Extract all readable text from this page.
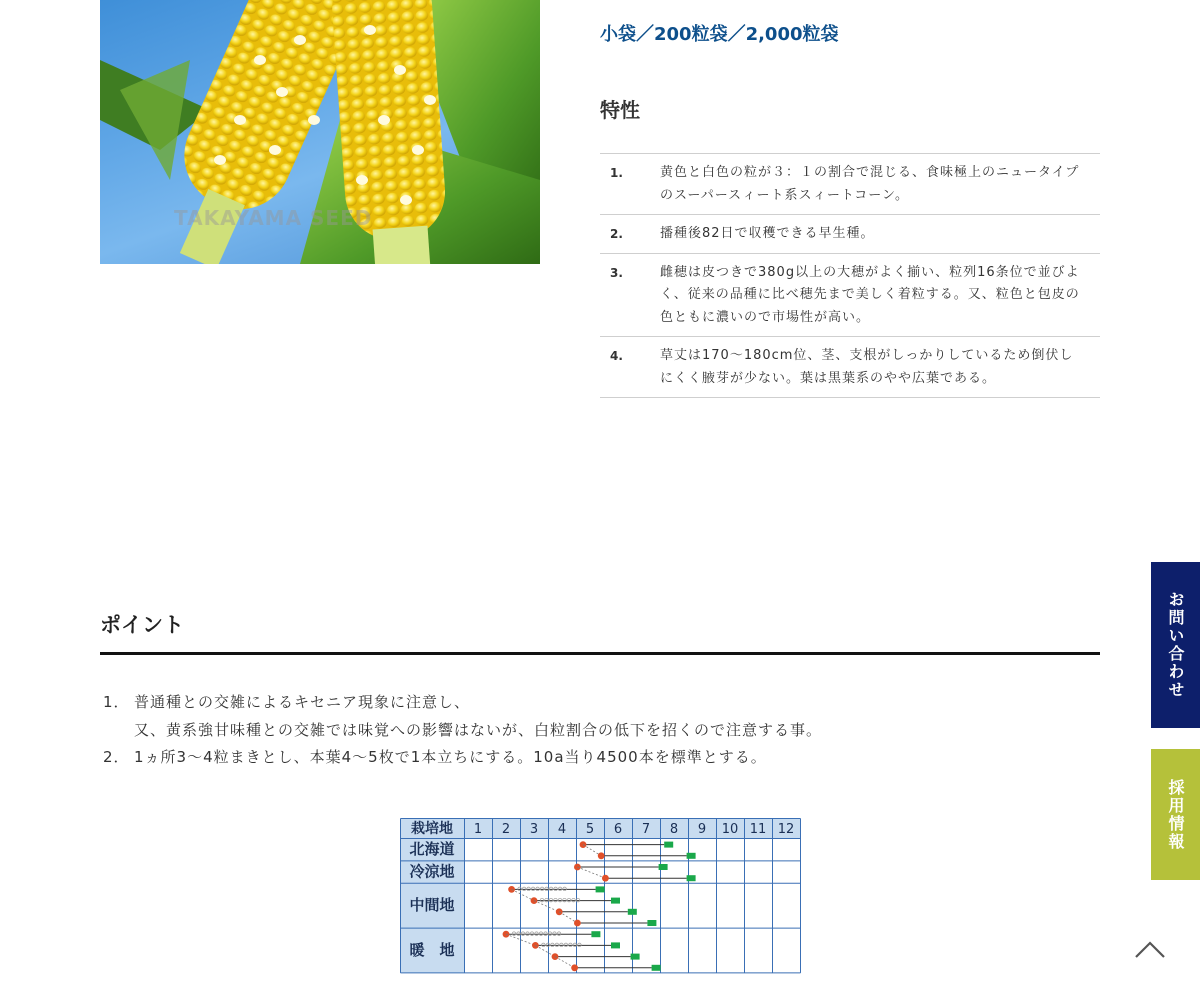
TAKAYAMA SEED
小袋／200粒袋／2,000粒袋
特性
1.	黄色と白色の粒が３：１の割合で混じる、食味極上のニュータイプのスーパースィート系スィートコーン。
2.	播種後82日で収穫できる早生種。
3.	雌穂は皮つきで380g以上の大穂がよく揃い、粒列16条位で並びよく、従来の品種に比べ穂先まで美しく着粒する。又、粒色と包皮の色ともに濃いので市場性が高い。
4.	草丈は170〜180cm位、茎、支根がしっかりしているため倒伏しにくく腋芽が少ない。葉は黒葉系のやや広葉である。
ポイント
1． 普通種との交雑によるキセニア現象に注意し、
又、黄系強甘味種との交雑では味覚への影響はないが、白粒割合の低下を招くので注意する事。
2． 1ヵ所3〜4粒まきとし、本葉4〜5枚で1本立ちにする。10a当り4500本を標準とする。
栽培地 1 2 3 4 5 6 7 8 9 10 11 12
北海道
冷涼地
中間地
暖　地
お問い合わせ
採用情報
